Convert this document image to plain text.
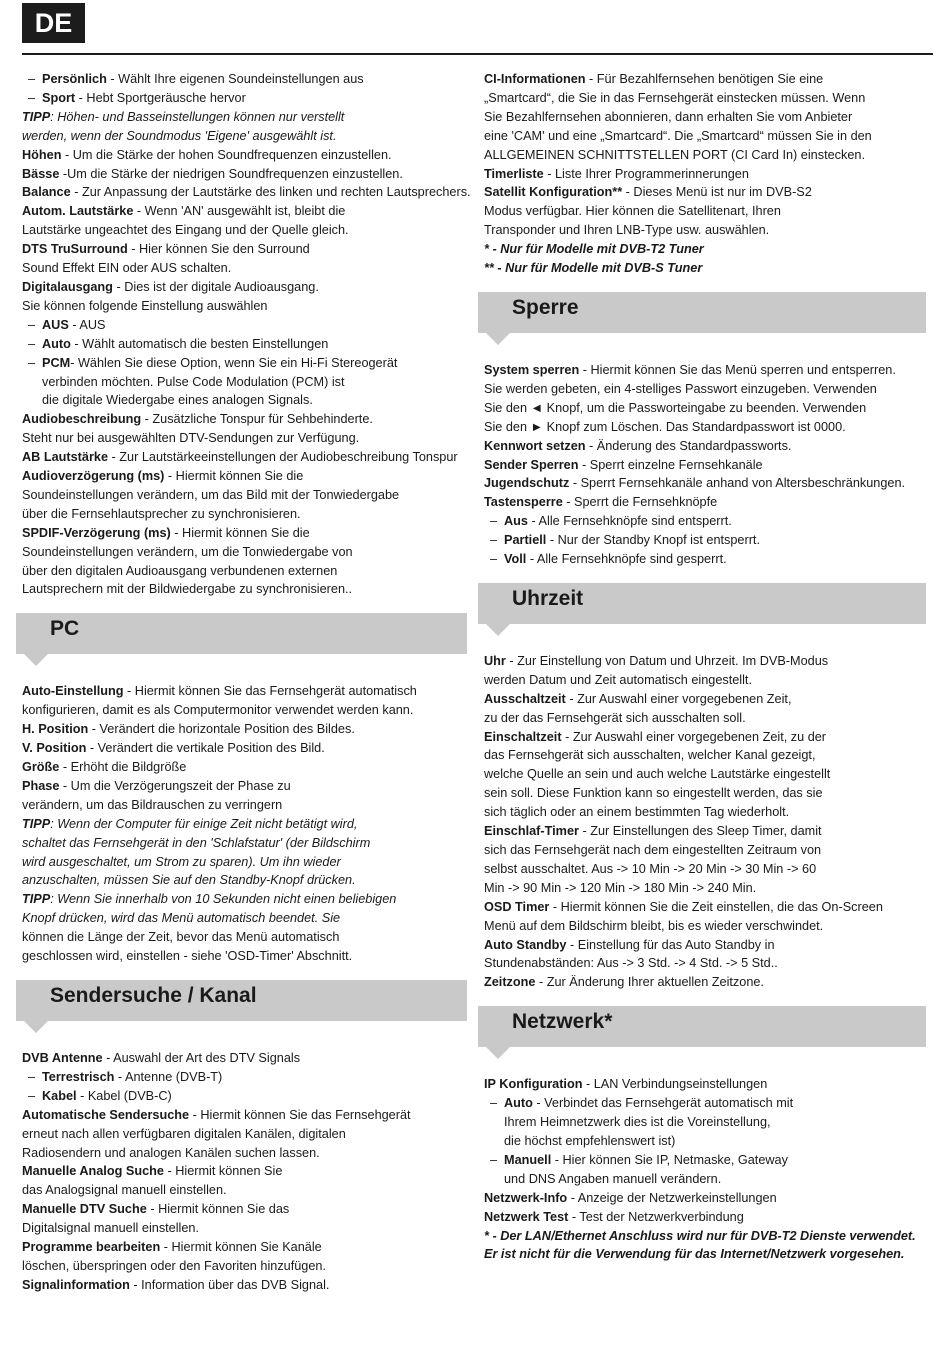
DE

– Persönlich - Wählt Ihre eigenen Soundeinstellungen aus

– Sport - Hebt Sportgeräusche hervor

TIPP: Höhen- und Basseinstellungen können nur verstellt

werden, wenn der Soundmodus 'Eigene' ausgewählt ist.

Höhen - Um die Stärke der hohen Soundfrequenzen einzustellen.

Bässe -Um die Stärke der niedrigen Soundfrequenzen einzustellen.

Balance - Zur Anpassung der Lautstärke des linken und rechten Lautsprechers.

Autom. Lautstärke - Wenn 'AN' ausgewählt ist, bleibt die

Lautstärke ungeachtet des Eingang und der Quelle gleich.

DTS TruSurround - Hier können Sie den Surround

Sound Effekt EIN oder AUS schalten.

Digitalausgang - Dies ist der digitale Audioausgang.

Sie können folgende Einstellung auswählen

– AUS - AUS

– Auto - Wählt automatisch die besten Einstellungen

– PCM- Wählen Sie diese Option, wenn Sie ein Hi-Fi Stereogerät

verbinden möchten. Pulse Code Modulation (PCM) ist

die digitale Wiedergabe eines analogen Signals.

Audiobeschreibung - Zusätzliche Tonspur für Sehbehinderte.

Steht nur bei ausgewählten DTV-Sendungen zur Verfügung.

AB Lautstärke - Zur Lautstärkeeinstellungen der Audiobeschreibung Tonspur

Audioverzögerung (ms) - Hiermit können Sie die

Soundeinstellungen verändern, um das Bild mit der Tonwiedergabe

über die Fernsehlautsprecher zu synchronisieren.

SPDIF-Verzögerung (ms) - Hiermit können Sie die

Soundeinstellungen verändern, um die Tonwiedergabe von

über den digitalen Audioausgang verbundenen externen

Lautsprechern mit der Bildwiedergabe zu synchronisieren..

PC

Auto-Einstellung - Hiermit können Sie das Fernsehgerät automatisch

konfigurieren, damit es als Computermonitor verwendet werden kann.

H. Position - Verändert die horizontale Position des Bildes.

V. Position - Verändert die vertikale Position des Bild.

Größe - Erhöht die Bildgröße

Phase - Um die Verzögerungszeit der Phase zu

verändern, um das Bildrauschen zu verringern

TIPP: Wenn der Computer für einige Zeit nicht betätigt wird,

schaltet das Fernsehgerät in den 'Schlafstatur' (der Bildschirm

wird ausgeschaltet, um Strom zu sparen). Um ihn wieder

anzuschalten, müssen Sie auf den Standby-Knopf drücken.

TIPP: Wenn Sie innerhalb von 10 Sekunden nicht einen beliebigen

Knopf drücken, wird das Menü automatisch beendet. Sie

können die Länge der Zeit, bevor das Menü automatisch

geschlossen wird, einstellen - siehe 'OSD-Timer' Abschnitt.

Sendersuche / Kanal

DVB Antenne - Auswahl der Art des DTV Signals

– Terrestrisch - Antenne (DVB-T)

– Kabel - Kabel (DVB-C)

Automatische Sendersuche - Hiermit können Sie das Fernsehgerät

erneut nach allen verfügbaren digitalen Kanälen, digitalen

Radiosendern und analogen Kanälen suchen lassen.

Manuelle Analog Suche - Hiermit können Sie

das Analogsignal manuell einstellen.

Manuelle DTV Suche - Hiermit können Sie das

Digitalsignal manuell einstellen.

Programme bearbeiten - Hiermit können Sie Kanäle

löschen, überspringen oder den Favoriten hinzufügen.

Signalinformation - Information über das DVB Signal.

CI-Informationen - Für Bezahlfernsehen benötigen Sie eine

„Smartcard“, die Sie in das Fernsehgerät einstecken müssen. Wenn

Sie Bezahlfernsehen abonnieren, dann erhalten Sie vom Anbieter

eine 'CAM' und eine „Smartcard“. Die „Smartcard“ müssen Sie in den

ALLGEMEINEN SCHNITTSTELLEN PORT (CI Card In) einstecken.

Timerliste - Liste Ihrer Programmerinnerungen

Satellit Konfiguration** - Dieses Menü ist nur im DVB-S2

Modus verfügbar. Hier können die Satellitenart, Ihren

Transponder und Ihren LNB-Type usw. auswählen.

* - Nur für Modelle mit DVB-T2 Tuner

** - Nur für Modelle mit DVB-S Tuner

Sperre

System sperren - Hiermit können Sie das Menü sperren und entsperren.

Sie werden gebeten, ein 4-stelliges Passwort einzugeben. Verwenden

Sie den ◄ Knopf, um die Passworteingabe zu beenden. Verwenden

Sie den ► Knopf zum Löschen. Das Standardpasswort ist 0000.

Kennwort setzen - Änderung des Standardpassworts.

Sender Sperren - Sperrt einzelne Fernsehkanäle

Jugendschutz - Sperrt Fernsehkanäle anhand von Altersbeschränkungen.

Tastensperre - Sperrt die Fernsehknöpfe

– Aus - Alle Fernsehknöpfe sind entsperrt.

– Partiell - Nur der Standby Knopf ist entsperrt.

– Voll - Alle Fernsehknöpfe sind gesperrt.

Uhrzeit

Uhr - Zur Einstellung von Datum und Uhrzeit. Im DVB-Modus

werden Datum und Zeit automatisch eingestellt.

Ausschaltzeit - Zur Auswahl einer vorgegebenen Zeit,

zu der das Fernsehgerät sich ausschalten soll.

Einschaltzeit - Zur Auswahl einer vorgegebenen Zeit, zu der

das Fernsehgerät sich ausschalten, welcher Kanal gezeigt,

welche Quelle an sein und auch welche Lautstärke eingestellt

sein soll. Diese Funktion kann so eingestellt werden, das sie

sich täglich oder an einem bestimmten Tag wiederholt.

Einschlaf-Timer - Zur Einstellungen des Sleep Timer, damit

sich das Fernsehgerät nach dem eingestellten Zeitraum von

selbst ausschaltet. Aus -> 10 Min -> 20 Min -> 30 Min -> 60

Min -> 90 Min -> 120 Min -> 180 Min -> 240 Min.

OSD Timer - Hiermit können Sie die Zeit einstellen, die das On-Screen

Menü auf dem Bildschirm bleibt, bis es wieder verschwindet.

Auto Standby - Einstellung für das Auto Standby in

Stundenabständen: Aus -> 3 Std. -> 4 Std. -> 5 Std..

Zeitzone - Zur Änderung Ihrer aktuellen Zeitzone.

Netzwerk*

IP Konfiguration - LAN Verbindungseinstellungen

– Auto - Verbindet das Fernsehgerät automatisch mit

Ihrem Heimnetzwerk dies ist die Voreinstellung,

die höchst empfehlenswert ist)

– Manuell - Hier können Sie IP, Netmaske, Gateway

und DNS Angaben manuell verändern.

Netzwerk-Info - Anzeige der Netzwerkeinstellungen

Netzwerk Test - Test der Netzwerkverbindung

* - Der LAN/Ethernet Anschluss wird nur für DVB-T2 Dienste verwendet.

Er ist nicht für die Verwendung für das Internet/Netzwerk vorgesehen.
